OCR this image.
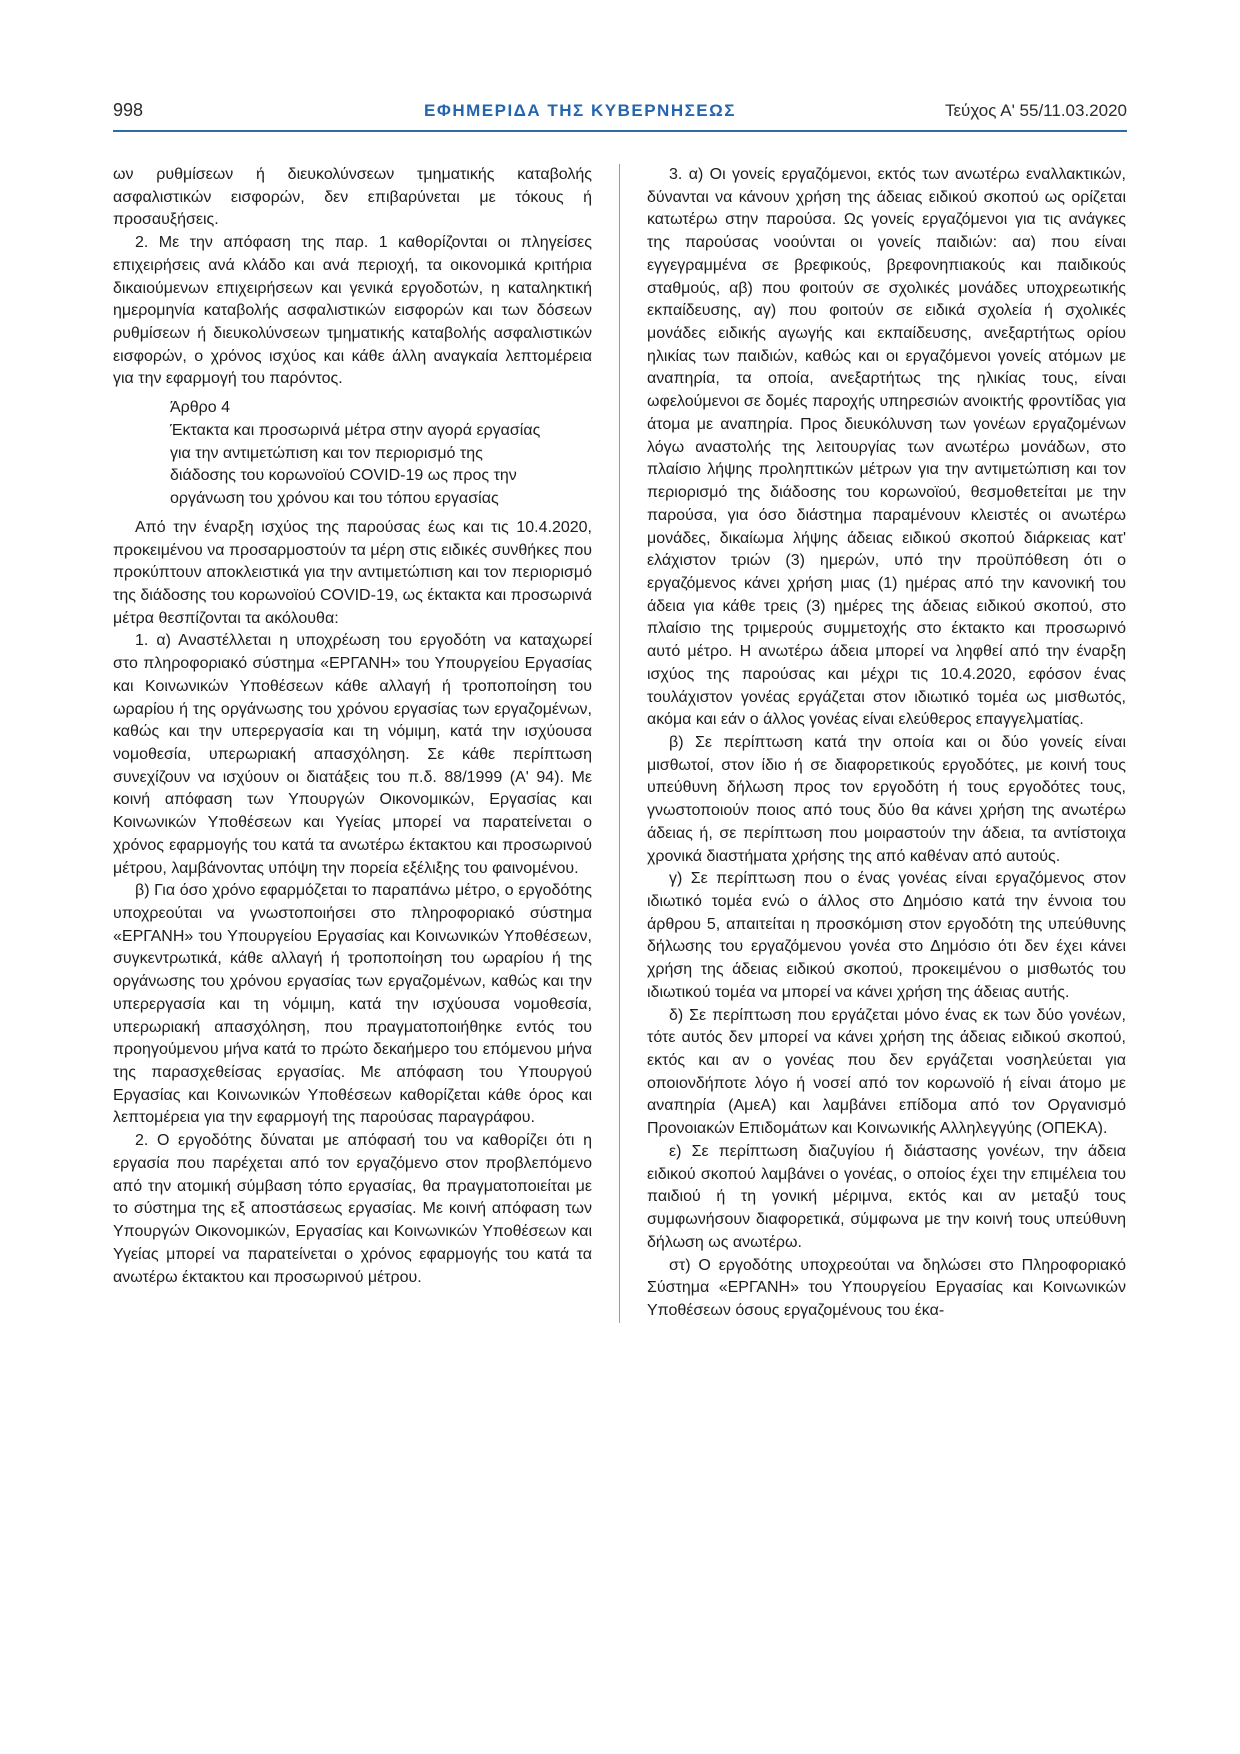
998	ΕΦΗΜΕΡΙΔΑ ΤΗΣ ΚΥΒΕΡΝΗΣΕΩΣ	Τεύχος Α' 55/11.03.2020

ων ρυθμίσεων ή διευκολύνσεων τμηματικής καταβολής ασφαλιστικών εισφορών, δεν επιβαρύνεται με τόκους ή προσαυξήσεις.

2. Με την απόφαση της παρ. 1 καθορίζονται οι πληγείσες επιχειρήσεις ανά κλάδο και ανά περιοχή, τα οικονομικά κριτήρια δικαιούμενων επιχειρήσεων και γενικά εργοδοτών, η καταληκτική ημερομηνία καταβολής ασφαλιστικών εισφορών και των δόσεων ρυθμίσεων ή διευκολύνσεων τμηματικής καταβολής ασφαλιστικών εισφορών, ο χρόνος ισχύος και κάθε άλλη αναγκαία λεπτομέρεια για την εφαρμογή του παρόντος.

Άρθρο 4

Έκτακτα και προσωρινά μέτρα στην αγορά εργασίας για την αντιμετώπιση και τον περιορισμό της διάδοσης του κορωνοϊού COVID-19 ως προς την οργάνωση του χρόνου και του τόπου εργασίας

Από την έναρξη ισχύος της παρούσας έως και τις 10.4.2020, προκειμένου να προσαρμοστούν τα μέρη στις ειδικές συνθήκες που προκύπτουν αποκλειστικά για την αντιμετώπιση και τον περιορισμό της διάδοσης του κορωνοϊού COVID-19, ως έκτακτα και προσωρινά μέτρα θεσπίζονται τα ακόλουθα:

1. α) Αναστέλλεται η υποχρέωση του εργοδότη να καταχωρεί στο πληροφοριακό σύστημα «ΕΡΓΑΝΗ» του Υπουργείου Εργασίας και Κοινωνικών Υποθέσεων κάθε αλλαγή ή τροποποίηση του ωραρίου ή της οργάνωσης του χρόνου εργασίας των εργαζομένων, καθώς και την υπερεργασία και τη νόμιμη, κατά την ισχύουσα νομοθεσία, υπερωριακή απασχόληση. Σε κάθε περίπτωση συνεχίζουν να ισχύουν οι διατάξεις του π.δ. 88/1999 (Α' 94). Με κοινή απόφαση των Υπουργών Οικονομικών, Εργασίας και Κοινωνικών Υποθέσεων και Υγείας μπορεί να παρατείνεται ο χρόνος εφαρμογής του κατά τα ανωτέρω έκτακτου και προσωρινού μέτρου, λαμβάνοντας υπόψη την πορεία εξέλιξης του φαινομένου.

β) Για όσο χρόνο εφαρμόζεται το παραπάνω μέτρο, ο εργοδότης υποχρεούται να γνωστοποιήσει στο πληροφοριακό σύστημα «ΕΡΓΑΝΗ» του Υπουργείου Εργασίας και Κοινωνικών Υποθέσεων, συγκεντρωτικά, κάθε αλλαγή ή τροποποίηση του ωραρίου ή της οργάνωσης του χρόνου εργασίας των εργαζομένων, καθώς και την υπερεργασία και τη νόμιμη, κατά την ισχύουσα νομοθεσία, υπερωριακή απασχόληση, που πραγματοποιήθηκε εντός του προηγούμενου μήνα κατά το πρώτο δεκαήμερο του επόμενου μήνα της παρασχεθείσας εργασίας. Με απόφαση του Υπουργού Εργασίας και Κοινωνικών Υποθέσεων καθορίζεται κάθε όρος και λεπτομέρεια για την εφαρμογή της παρούσας παραγράφου.

2. Ο εργοδότης δύναται με απόφασή του να καθορίζει ότι η εργασία που παρέχεται από τον εργαζόμενο στον προβλεπόμενο από την ατομική σύμβαση τόπο εργασίας, θα πραγματοποιείται με το σύστημα της εξ αποστάσεως εργασίας. Με κοινή απόφαση των Υπουργών Οικονομικών, Εργασίας και Κοινωνικών Υποθέσεων και Υγείας μπορεί να παρατείνεται ο χρόνος εφαρμογής του κατά τα ανωτέρω έκτακτου και προσωρινού μέτρου.

3. α) Οι γονείς εργαζόμενοι, εκτός των ανωτέρω εναλλακτικών, δύνανται να κάνουν χρήση της άδειας ειδικού σκοπού ως ορίζεται κατωτέρω στην παρούσα. Ως γονείς εργαζόμενοι για τις ανάγκες της παρούσας νοούνται οι γονείς παιδιών: αα) που είναι εγγεγραμμένα σε βρεφικούς, βρεφονηπιακούς και παιδικούς σταθμούς, αβ) που φοιτούν σε σχολικές μονάδες υποχρεωτικής εκπαίδευσης, αγ) που φοιτούν σε ειδικά σχολεία ή σχολικές μονάδες ειδικής αγωγής και εκπαίδευσης, ανεξαρτήτως ορίου ηλικίας των παιδιών, καθώς και οι εργαζόμενοι γονείς ατόμων με αναπηρία, τα οποία, ανεξαρτήτως της ηλικίας τους, είναι ωφελούμενοι σε δομές παροχής υπηρεσιών ανοικτής φροντίδας για άτομα με αναπηρία. Προς διευκόλυνση των γονέων εργαζομένων λόγω αναστολής της λειτουργίας των ανωτέρω μονάδων, στο πλαίσιο λήψης προληπτικών μέτρων για την αντιμετώπιση και τον περιορισμό της διάδοσης του κορωνοϊού, θεσμοθετείται με την παρούσα, για όσο διάστημα παραμένουν κλειστές οι ανωτέρω μονάδες, δικαίωμα λήψης άδειας ειδικού σκοπού διάρκειας κατ' ελάχιστον τριών (3) ημερών, υπό την προϋπόθεση ότι ο εργαζόμενος κάνει χρήση μιας (1) ημέρας από την κανονική του άδεια για κάθε τρεις (3) ημέρες της άδειας ειδικού σκοπού, στο πλαίσιο της τριμερούς συμμετοχής στο έκτακτο και προσωρινό αυτό μέτρο. Η ανωτέρω άδεια μπορεί να ληφθεί από την έναρξη ισχύος της παρούσας και μέχρι τις 10.4.2020, εφόσον ένας τουλάχιστον γονέας εργάζεται στον ιδιωτικό τομέα ως μισθωτός, ακόμα και εάν ο άλλος γονέας είναι ελεύθερος επαγγελματίας.

β) Σε περίπτωση κατά την οποία και οι δύο γονείς είναι μισθωτοί, στον ίδιο ή σε διαφορετικούς εργοδότες, με κοινή τους υπεύθυνη δήλωση προς τον εργοδότη ή τους εργοδότες τους, γνωστοποιούν ποιος από τους δύο θα κάνει χρήση της ανωτέρω άδειας ή, σε περίπτωση που μοιραστούν την άδεια, τα αντίστοιχα χρονικά διαστήματα χρήσης της από καθέναν από αυτούς.

γ) Σε περίπτωση που ο ένας γονέας είναι εργαζόμενος στον ιδιωτικό τομέα ενώ ο άλλος στο Δημόσιο κατά την έννοια του άρθρου 5, απαιτείται η προσκόμιση στον εργοδότη της υπεύθυνης δήλωσης του εργαζόμενου γονέα στο Δημόσιο ότι δεν έχει κάνει χρήση της άδειας ειδικού σκοπού, προκειμένου ο μισθωτός του ιδιωτικού τομέα να μπορεί να κάνει χρήση της άδειας αυτής.

δ) Σε περίπτωση που εργάζεται μόνο ένας εκ των δύο γονέων, τότε αυτός δεν μπορεί να κάνει χρήση της άδειας ειδικού σκοπού, εκτός και αν ο γονέας που δεν εργάζεται νοσηλεύεται για οποιονδήποτε λόγο ή νοσεί από τον κορωνοϊό ή είναι άτομο με αναπηρία (ΑμεΑ) και λαμβάνει επίδομα από τον Οργανισμό Προνοιακών Επιδομάτων και Κοινωνικής Αλληλεγγύης (ΟΠΕΚΑ).

ε) Σε περίπτωση διαζυγίου ή διάστασης γονέων, την άδεια ειδικού σκοπού λαμβάνει ο γονέας, ο οποίος έχει την επιμέλεια του παιδιού ή τη γονική μέριμνα, εκτός και αν μεταξύ τους συμφωνήσουν διαφορετικά, σύμφωνα με την κοινή τους υπεύθυνη δήλωση ως ανωτέρω.

στ) Ο εργοδότης υποχρεούται να δηλώσει στο Πληροφοριακό Σύστημα «ΕΡΓΑΝΗ» του Υπουργείου Εργασίας και Κοινωνικών Υποθέσεων όσους εργαζομένους του έκα-
